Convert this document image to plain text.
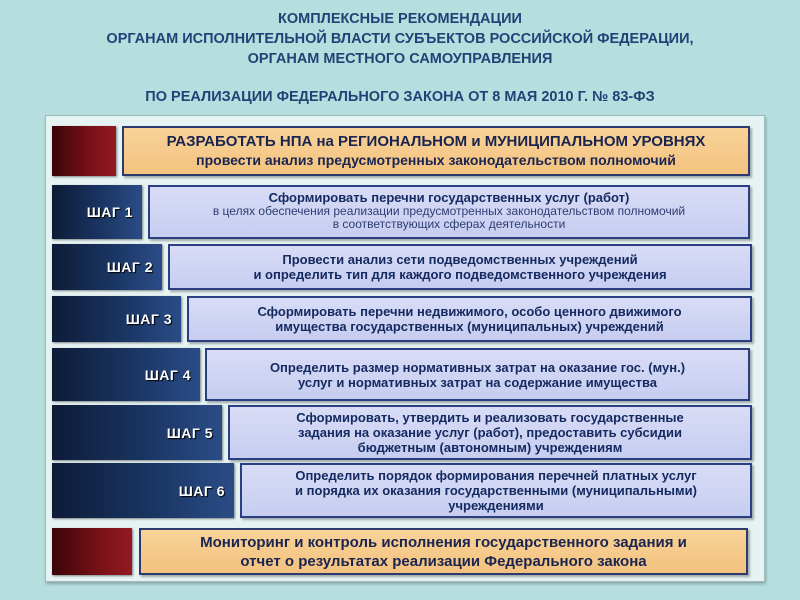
КОМПЛЕКСНЫЕ РЕКОМЕНДАЦИИ
ОРГАНАМ ИСПОЛНИТЕЛЬНОЙ ВЛАСТИ СУБЪЕКТОВ РОССИЙСКОЙ ФЕДЕРАЦИИ,
ОРГАНАМ МЕСТНОГО САМОУПРАВЛЕНИЯ
ПО РЕАЛИЗАЦИИ ФЕДЕРАЛЬНОГО ЗАКОНА ОТ 8 МАЯ 2010 Г. № 83-ФЗ
РАЗРАБОТАТЬ НПА на РЕГИОНАЛЬНОМ и МУНИЦИПАЛЬНОМ УРОВНЯХ
провести анализ предусмотренных законодательством полномочий
ШАГ 1
Сформировать перечни государственных услуг (работ)
в целях обеспечения реализации предусмотренных законодательством полномочий
в соответствующих сферах деятельности
ШАГ 2	Провести анализ сети подведомственных учреждений
и определить тип для каждого подведомственного учреждения
ШАГ 3	Сформировать перечни недвижимого, особо ценного движимого
имущества государственных (муниципальных) учреждений
ШАГ 4	Определить размер нормативных затрат на оказание гос. (мун.)
услуг и нормативных затрат на содержание имущества
ШАГ 5
Сформировать, утвердить и реализовать государственные
задания на оказание услуг (работ), предоставить субсидии
бюджетным (автономным) учреждениям
ШАГ 6
Определить порядок формирования перечней платных услуг
и порядка их оказания государственными (муниципальными)
учреждениями
Мониторинг и контроль исполнения государственного задания и
отчет о результатах реализации Федерального закона
